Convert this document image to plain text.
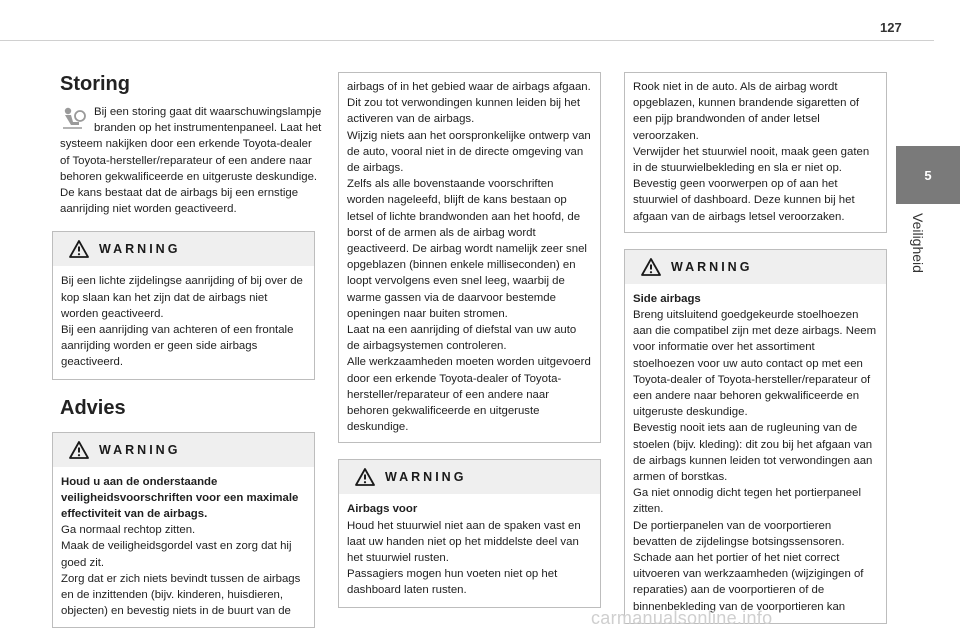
127
5
Veiligheid
Storing

Bij een storing gaat dit waarschuwingslampje branden op het instrumentenpaneel. Laat het systeem nakijken door een erkende Toyota-dealer of Toyota-hersteller/reparateur of een andere naar behoren gekwalificeerde en uitgeruste deskundige.
De kans bestaat dat de airbags bij een ernstige aanrijding niet worden geactiveerd.

WARNING

Bij een lichte zijdelingse aanrijding of bij over de kop slaan kan het zijn dat de airbags niet worden geactiveerd.
Bij een aanrijding van achteren of een frontale aanrijding worden er geen side airbags geactiveerd.

Advies
WARNING

Houd u aan de onderstaande veiligheidsvoorschriften voor een maximale effectiviteit van de airbags.

Ga normaal rechtop zitten.
Maak de veiligheidsgordel vast en zorg dat hij goed zit.
Zorg dat er zich niets bevindt tussen de airbags en de inzittenden (bijv. kinderen, huisdieren, objecten) en bevestig niets in de buurt van de

airbags of in het gebied waar de airbags afgaan. Dit zou tot verwondingen kunnen leiden bij het activeren van de airbags.
Wijzig niets aan het oorspronkelijke ontwerp van de auto, vooral niet in de directe omgeving van de airbags.
Zelfs als alle bovenstaande voorschriften worden nageleefd, blijft de kans bestaan op letsel of lichte brandwonden aan het hoofd, de borst of de armen als de airbag wordt geactiveerd. De airbag wordt namelijk zeer snel opgeblazen (binnen enkele milliseconden) en loopt vervolgens even snel leeg, waarbij de warme gassen via de daarvoor bestemde openingen naar buiten stromen.
Laat na een aanrijding of diefstal van uw auto de airbagsystemen controleren.
Alle werkzaamheden moeten worden uitgevoerd door een erkende Toyota-dealer of Toyota-hersteller/reparateur of een andere naar behoren gekwalificeerde en uitgeruste deskundige.

WARNING

Airbags voor

Houd het stuurwiel niet aan de spaken vast en laat uw handen niet op het middelste deel van het stuurwiel rusten.
Passagiers mogen hun voeten niet op het dashboard laten rusten.

Rook niet in de auto. Als de airbag wordt opgeblazen, kunnen brandende sigaretten of een pijp brandwonden of ander letsel veroorzaken.
Verwijder het stuurwiel nooit, maak geen gaten in de stuurwielbekleding en sla er niet op.
Bevestig geen voorwerpen op of aan het stuurwiel of dashboard. Deze kunnen bij het afgaan van de airbags letsel veroorzaken.

WARNING

Side airbags

Breng uitsluitend goedgekeurde stoelhoezen aan die compatibel zijn met deze airbags. Neem voor informatie over het assortiment stoelhoezen voor uw auto contact op met een Toyota-dealer of Toyota-hersteller/reparateur of een andere naar behoren gekwalificeerde en uitgeruste deskundige.
Bevestig nooit iets aan de rugleuning van de stoelen (bijv. kleding): dit zou bij het afgaan van de airbags kunnen leiden tot verwondingen aan armen of borstkas.
Ga niet onnodig dicht tegen het portierpaneel zitten.
De portierpanelen van de voorportieren bevatten de zijdelingse botsingssensoren.
Schade aan het portier of het niet correct uitvoeren van werkzaamheden (wijzigingen of reparaties) aan de voorportieren of de binnenbekleding van de voorportieren kan

carmanualsonline.info
